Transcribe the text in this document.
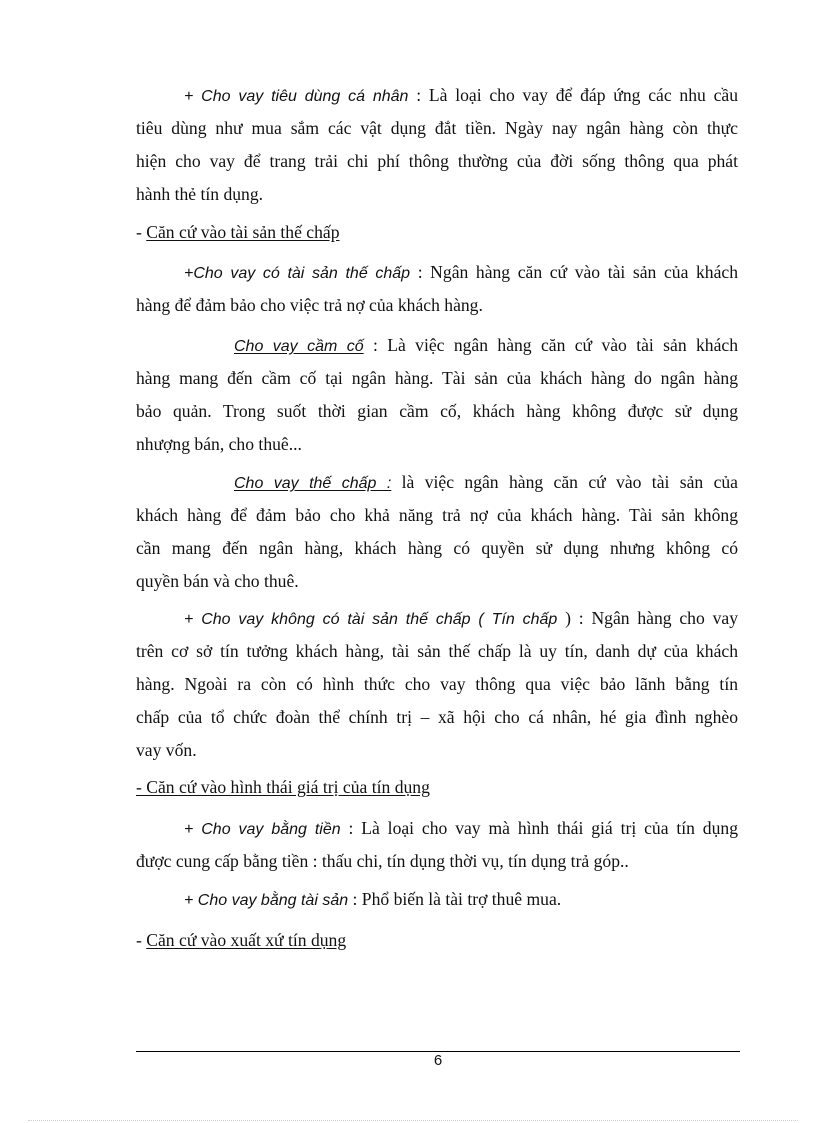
+ Cho vay tiêu dùng cá nhân : Là loại cho vay để đáp ứng các nhu cầu
tiêu dùng như mua sắm các vật dụng đắt tiền. Ngày nay ngân hàng còn thực
hiện cho vay để trang trải chi phí thông thường của đời sống thông qua phát
hành thẻ tín dụng.
- Căn cứ vào tài sản thế chấp
+Cho vay có tài sản thế chấp : Ngân hàng căn cứ vào tài sản của khách
hàng để đảm bảo cho việc trả nợ của khách hàng.
Cho vay cầm cố : Là việc ngân hàng căn cứ vào tài sản khách
hàng mang đến cầm cố tại ngân hàng. Tài sản của khách hàng do ngân hàng
bảo quản. Trong suốt thời gian cầm cố, khách hàng không được sử dụng
nhượng bán, cho thuê...
Cho vay thế chấp : là việc ngân hàng căn cứ vào tài sản của
khách hàng để đảm bảo cho khả năng trả nợ của khách hàng. Tài sản không
cần mang đến ngân hàng, khách hàng có quyền sử dụng nhưng không có
quyền bán và cho thuê.
+ Cho vay không có tài sản thế chấp ( Tín chấp ) : Ngân hàng cho vay
trên cơ sở tín tưởng khách hàng, tài sản thế chấp là uy tín, danh dự của khách
hàng. Ngoài ra còn có hình thức cho vay thông qua việc bảo lãnh bằng tín
chấp của tổ chức đoàn thể chính trị – xã hội cho cá nhân, hé gia đình nghèo
vay vốn.
- Căn cứ vào hình thái giá trị của tín dụng
+ Cho vay bằng tiền : Là loại cho vay mà hình thái giá trị của tín dụng
được cung cấp bằng tiền : thấu chi, tín dụng thời vụ, tín dụng trả góp..
+ Cho vay bằng tài sản : Phổ biến là tài trợ thuê mua.
- Căn cứ vào xuất xứ tín dụng
6
